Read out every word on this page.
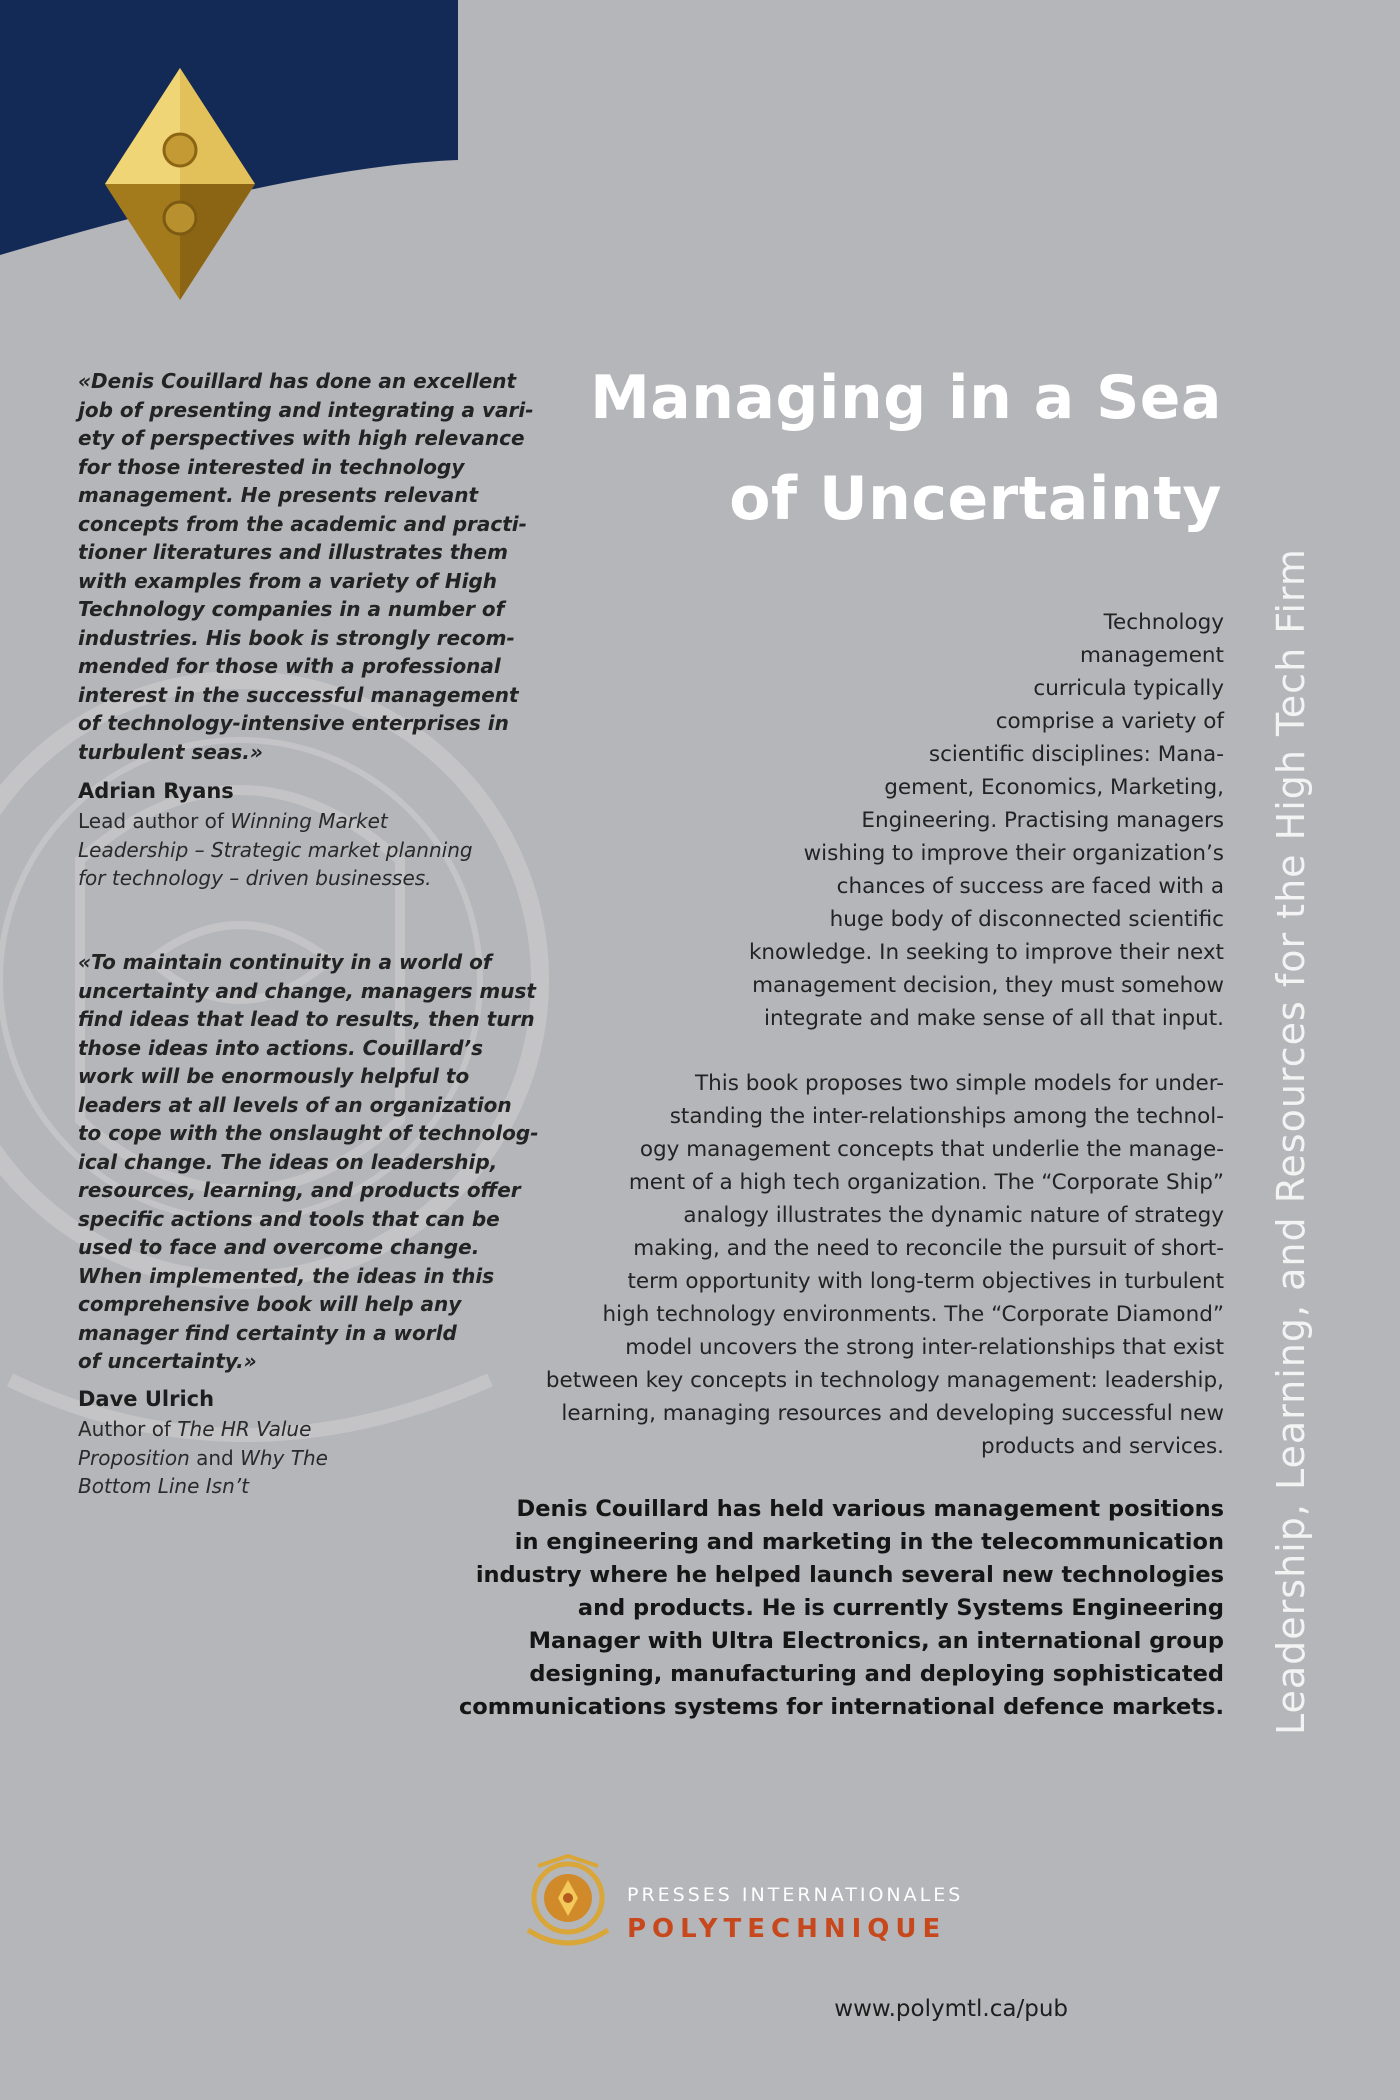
Managing in a Sea
of Uncertainty
Leadership, Learning, and Resources for the High Tech Firm
«Denis Couillard has done an excellent
job of presenting and integrating a vari-
ety of perspectives with high relevance
for those interested in technology
management. He presents relevant
concepts from the academic and practi-
tioner literatures and illustrates them
with examples from a variety of High
Technology companies in a number of
industries. His book is strongly recom-
mended for those with a professional
interest in the successful management
of technology-intensive enterprises in
turbulent seas.»
Adrian Ryans
Lead author of Winning Market
Leadership – Strategic market planning
for technology – driven businesses.
«To maintain continuity in a world of
uncertainty and change, managers must
find ideas that lead to results, then turn
those ideas into actions. Couillard’s
work will be enormously helpful to
leaders at all levels of an organization
to cope with the onslaught of technolog-
ical change. The ideas on leadership,
resources, learning, and products offer
specific actions and tools that can be
used to face and overcome change.
When implemented, the ideas in this
comprehensive book will help any
manager find certainty in a world
of uncertainty.»
Dave Ulrich
Author of The HR Value
Proposition and Why The
Bottom Line Isn’t
Technology
management
curricula typically
comprise a variety of
scientific disciplines: Mana-
gement, Economics, Marketing,
Engineering. Practising managers
wishing to improve their organization’s
chances of success are faced with a
huge body of disconnected scientific
knowledge. In seeking to improve their next
management decision, they must somehow
integrate and make sense of all that input.
This book proposes two simple models for under-
standing the inter-relationships among the technol-
ogy management concepts that underlie the manage-
ment of a high tech organization. The “Corporate Ship”
analogy illustrates the dynamic nature of strategy
making, and the need to reconcile the pursuit of short-
term opportunity with long-term objectives in turbulent
high technology environments. The “Corporate Diamond”
model uncovers the strong inter-relationships that exist
between key concepts in technology management: leadership,
learning, managing resources and developing successful new
products and services.
Denis Couillard has held various management positions
in engineering and marketing in the telecommunication
industry where he helped launch several new technologies
and products. He is currently Systems Engineering
Manager with Ultra Electronics, an international group
designing, manufacturing and deploying sophisticated
communications systems for international defence markets.
PRESSES INTERNATIONALES
POLYTECHNIQUE
www.polymtl.ca/pub
